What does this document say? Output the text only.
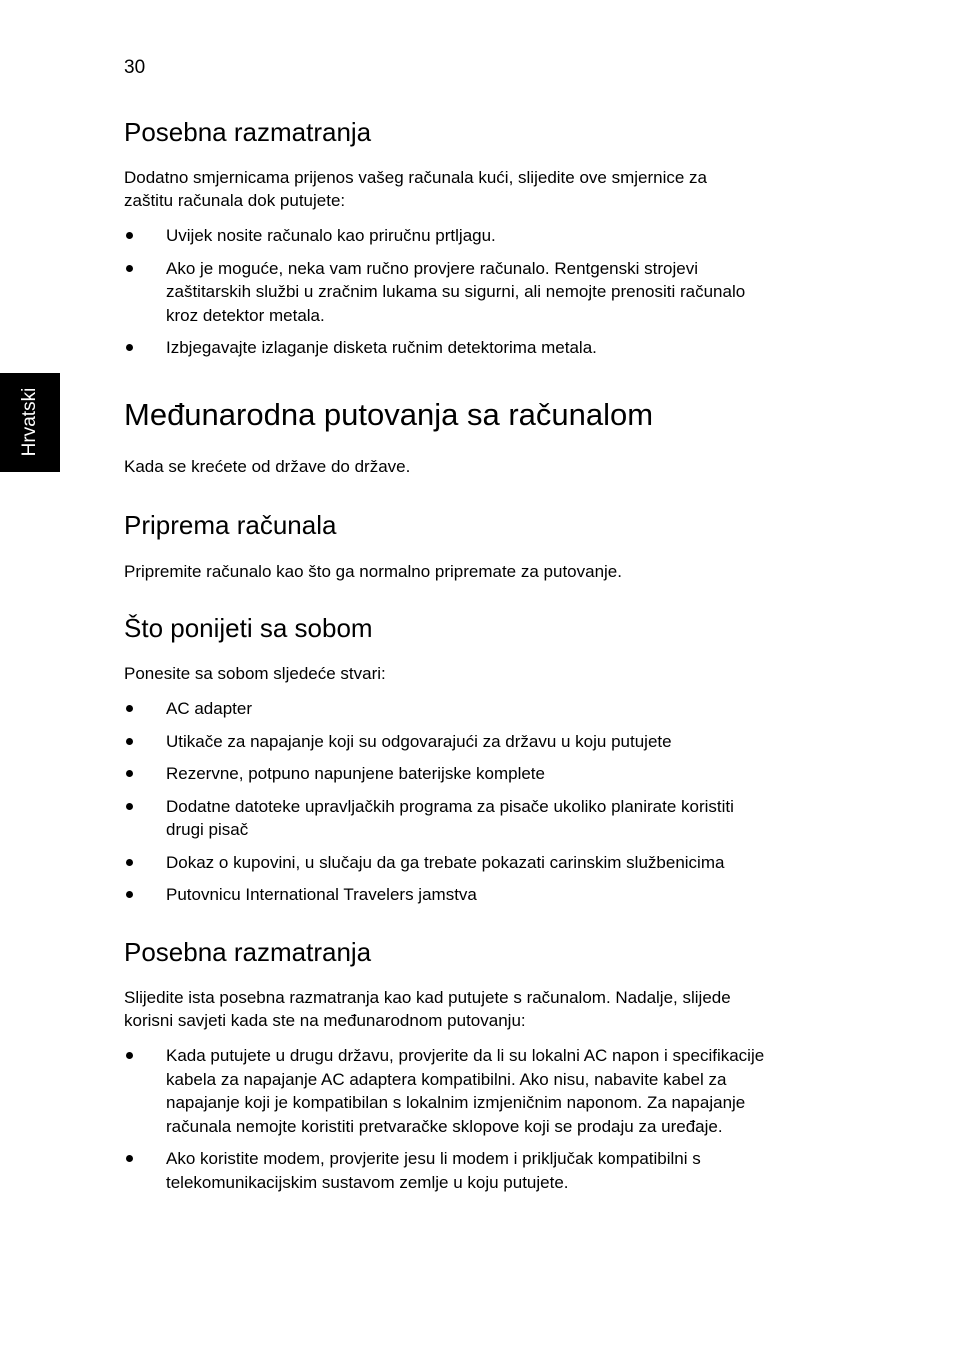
30
Hrvatski
Posebna razmatranja

Dodatno smjernicama prijenos vašeg računala kući, slijedite ove smjernice za
zaštitu računala dok putujete:

Uvijek nosite računalo kao priručnu prtljagu.
Ako je moguće, neka vam ručno provjere računalo. Rentgenski strojevi
zaštitarskih službi u zračnim lukama su sigurni, ali nemojte prenositi računalo
kroz detektor metala.
Izbjegavajte izlaganje disketa ručnim detektorima metala.
Međunarodna putovanja sa računalom

Kada se krećete od države do države.

Priprema računala

Pripremite računalo kao što ga normalno pripremate za putovanje.

Što ponijeti sa sobom

Ponesite sa sobom sljedeće stvari:

AC adapter
Utikače za napajanje koji su odgovarajući za državu u koju putujete
Rezervne, potpuno napunjene baterijske komplete
Dodatne datoteke upravljačkih programa za pisače ukoliko planirate koristiti
drugi pisač
Dokaz o kupovini, u slučaju da ga trebate pokazati carinskim službenicima
Putovnicu International Travelers jamstva
Posebna razmatranja

Slijedite ista posebna razmatranja kao kad putujete s računalom. Nadalje, slijede
korisni savjeti kada ste na međunarodnom putovanju:

Kada putujete u drugu državu, provjerite da li su lokalni AC napon i specifikacije
kabela za napajanje AC adaptera kompatibilni. Ako nisu, nabavite kabel za
napajanje koji je kompatibilan s lokalnim izmjeničnim naponom. Za napajanje
računala nemojte koristiti pretvaračke sklopove koji se prodaju za uređaje.
Ako koristite modem, provjerite jesu li modem i priključak kompatibilni s
telekomunikacijskim sustavom zemlje u koju putujete.
